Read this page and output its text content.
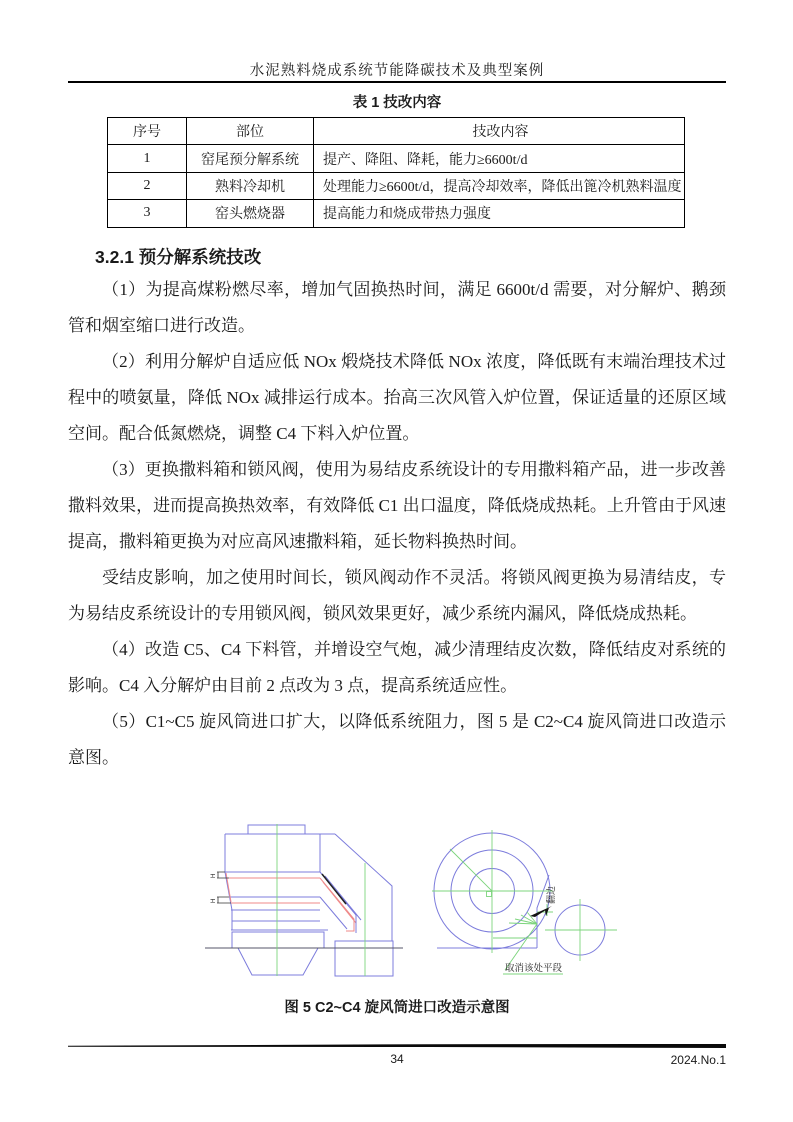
水泥熟料烧成系统节能降碳技术及典型案例
表 1 技改内容
序号	部位	技改内容
1	窑尾预分解系统	提产、降阻、降耗，能力≥6600t/d
2	熟料冷却机	处理能力≥6600t/d，提高冷却效率，降低出篦冷机熟料温度
3	窑头燃烧器	提高能力和烧成带热力强度
3.2.1 预分解系统技改

（1）为提高煤粉燃尽率，增加气固换热时间，满足 6600t/d 需要，对分解炉、鹅颈管和烟室缩口进行改造。

（2）利用分解炉自适应低 NOx 煅烧技术降低 NOx 浓度，降低既有末端治理技术过程中的喷氨量，降低 NOx 减排运行成本。抬高三次风管入炉位置，保证适量的还原区域空间。配合低氮燃烧，调整 C4 下料入炉位置。

（3）更换撒料箱和锁风阀，使用为易结皮系统设计的专用撒料箱产品，进一步改善撒料效果，进而提高换热效率，有效降低 C1 出口温度，降低烧成热耗。上升管由于风速提高，撒料箱更换为对应高风速撒料箱，延长物料换热时间。

受结皮影响，加之使用时间长，锁风阀动作不灵活。将锁风阀更换为易清结皮，专为易结皮系统设计的专用锁风阀，锁风效果更好，减少系统内漏风，降低烧成热耗。

（4）改造 C5、C4 下料管，并增设空气炮，减少清理结皮次数，降低结皮对系统的影响。C4 入分解炉由目前 2 点改为 3 点，提高系统适应性。

（5）C1~C5 旋风筒进口扩大，以降低系统阻力，图 5 是 C2~C4 旋风筒进口改造示意图。

H
H	翻边
取消该处平段
图 5 C2~C4 旋风筒进口改造示意图
34	2024.No.1
